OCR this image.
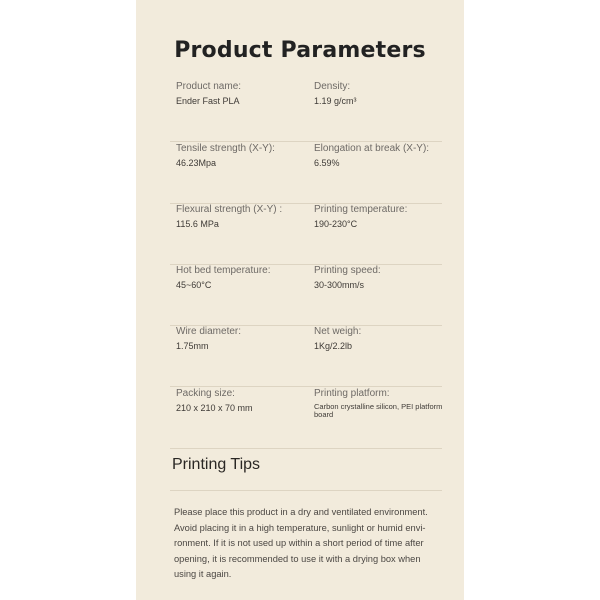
Product Parameters
Product name:
Ender Fast PLA
Density:
1.19 g/cm³
Tensile strength (X-Y):
46.23Mpa
Elongation at break (X-Y):
6.59%
Flexural strength (X-Y) :
115.6 MPa
Printing temperature:
190-230°C
Hot bed temperature:
45~60°C
Printing speed:
30-300mm/s
Wire diameter:
1.75mm
Net weigh:
1Kg/2.2lb
Packing size:
210 x 210 x 70 mm
Printing platform:
Carbon crystalline silicon, PEI platform board
Printing Tips
Please place this product in a dry and ventilated environment. Avoid placing it in a high temperature, sunlight or humid envi-ronment. If it is not used up within a short period of time after opening, it is recommended to use it with a drying box when using it again.
